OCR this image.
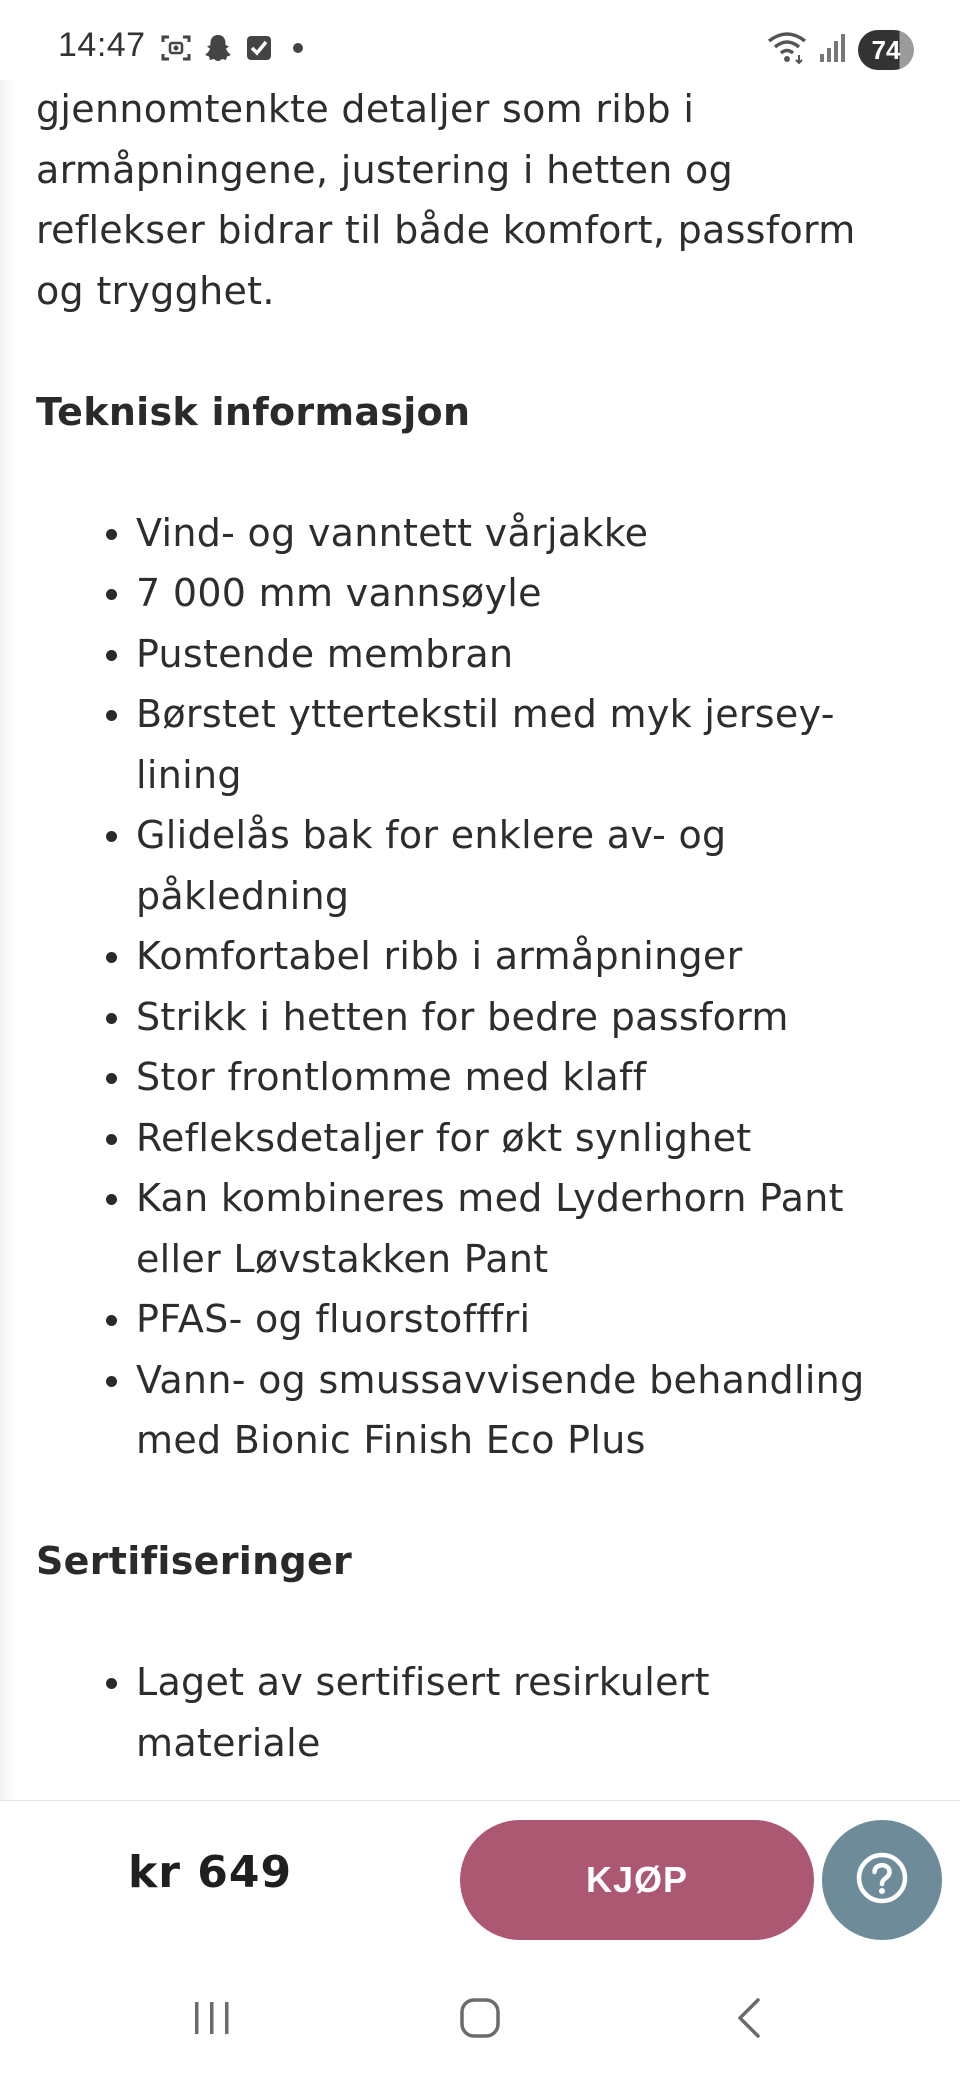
14:47	74

gjennomtenkte detaljer som ribb i
armåpningene, justering i hetten og
reflekser bidrar til både komfort, passform
og trygghet.

Teknisk informasjon
Vind- og vanntett vårjakke
7 000 mm vannsøyle
Pustende membran
Børstet yttertekstil med myk jersey-lining
Glidelås bak for enklere av- og påkledning
Komfortabel ribb i armåpninger
Strikk i hetten for bedre passform
Stor frontlomme med klaff
Refleksdetaljer for økt synlighet
Kan kombineres med Lyderhorn Pant eller Løvstakken Pant
PFAS- og fluorstofffri
Vann- og smussavvisende behandling med Bionic Finish Eco Plus
Sertifiseringer
Laget av sertifisert resirkulert materiale
kr 649	KJØP
